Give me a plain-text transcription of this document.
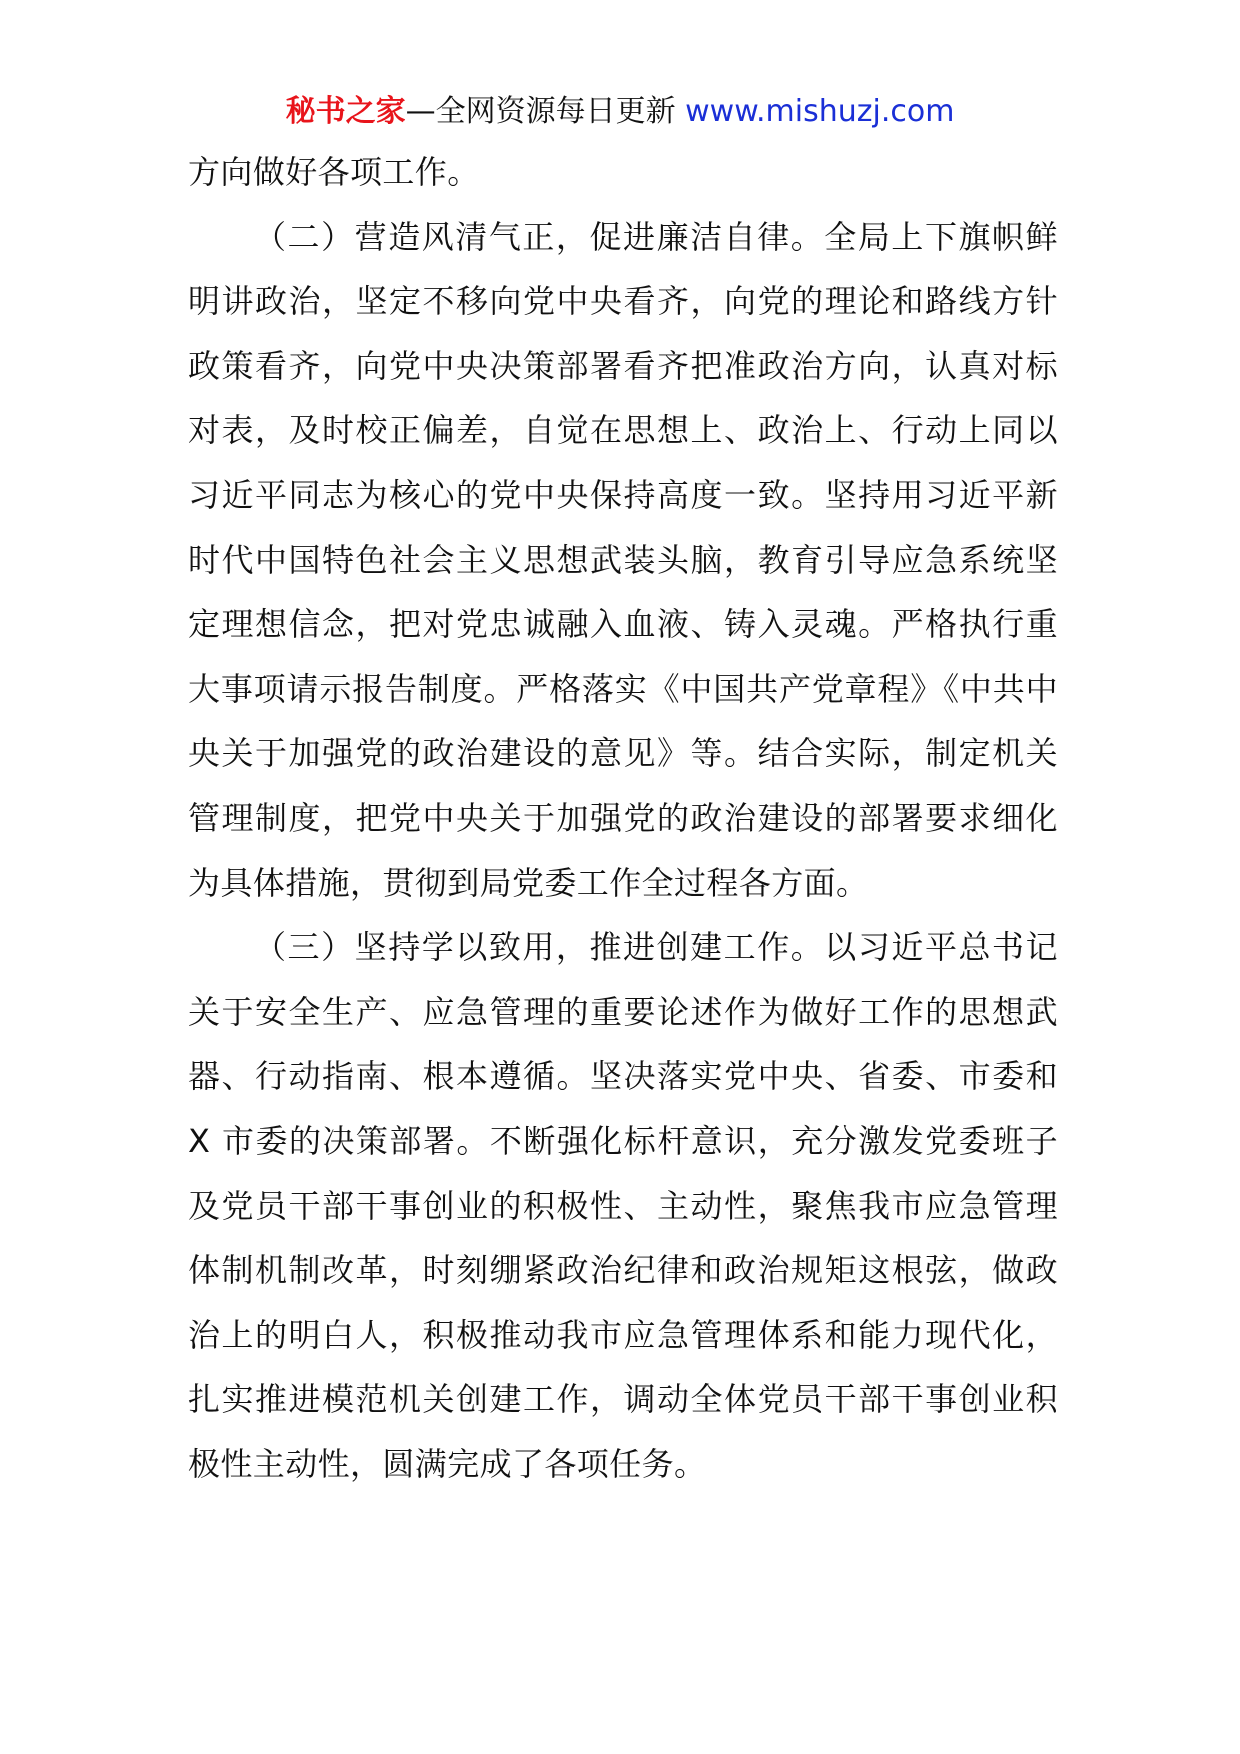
秘书之家—全网资源每日更新 www.mishuzj.com

方向做好各项工作。

（二）营造风清气正，促进廉洁自律。全局上下旗帜鲜明讲政治，坚定不移向党中央看齐，向党的理论和路线方针政策看齐，向党中央决策部署看齐把准政治方向，认真对标对表，及时校正偏差，自觉在思想上、政治上、行动上同以习近平同志为核心的党中央保持高度一致。坚持用习近平新时代中国特色社会主义思想武装头脑，教育引导应急系统坚定理想信念，把对党忠诚融入血液、铸入灵魂。严格执行重大事项请示报告制度。严格落实《中国共产党章程》《中共中央关于加强党的政治建设的意见》等。结合实际，制定机关管理制度，把党中央关于加强党的政治建设的部署要求细化为具体措施，贯彻到局党委工作全过程各方面。

（三）坚持学以致用，推进创建工作。以习近平总书记关于安全生产、应急管理的重要论述作为做好工作的思想武器、行动指南、根本遵循。坚决落实党中央、省委、市委和 X 市委的决策部署。不断强化标杆意识，充分激发党委班子及党员干部干事创业的积极性、主动性，聚焦我市应急管理体制机制改革，时刻绷紧政治纪律和政治规矩这根弦，做政治上的明白人，积极推动我市应急管理体系和能力现代化，扎实推进模范机关创建工作，调动全体党员干部干事创业积极性主动性，圆满完成了各项任务。
